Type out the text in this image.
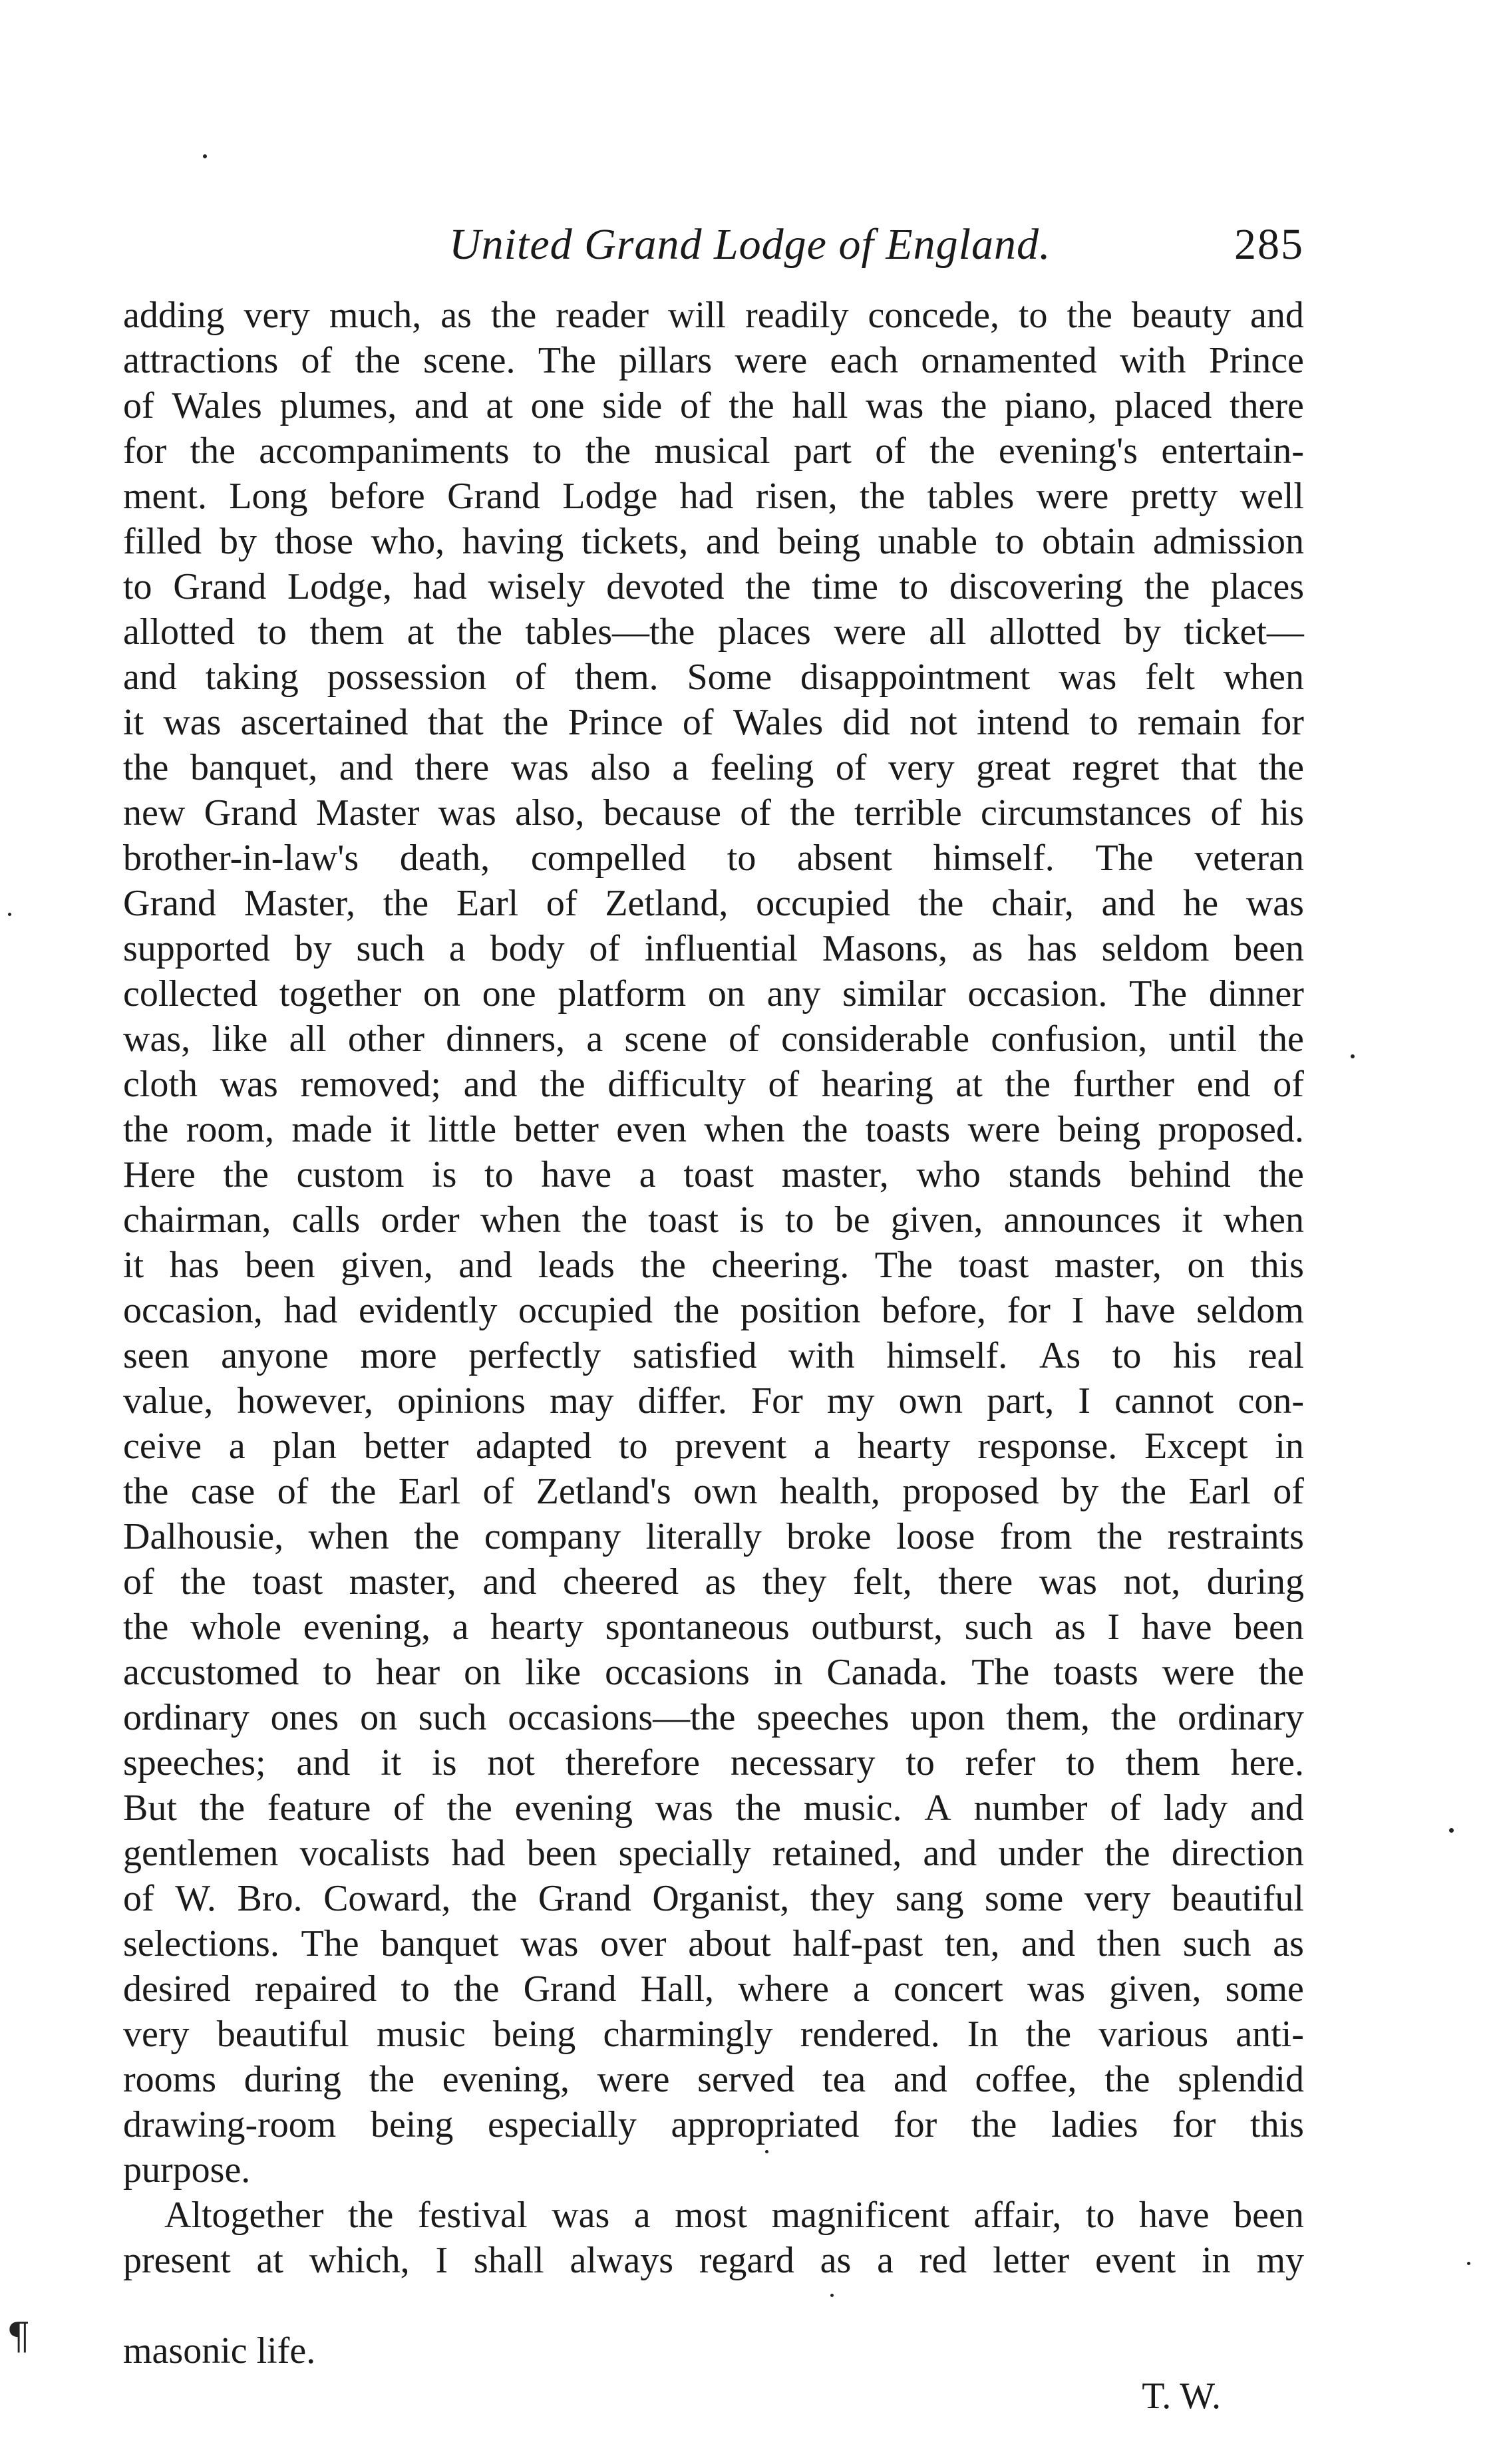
United Grand Lodge of England.	285
adding very much, as the reader will readily concede, to the beauty and
attractions of the scene. The pillars were each ornamented with Prince
of Wales plumes, and at one side of the hall was the piano, placed there
for the accompaniments to the musical part of the evening's entertain-
ment. Long before Grand Lodge had risen, the tables were pretty well
filled by those who, having tickets, and being unable to obtain admission
to Grand Lodge, had wisely devoted the time to discovering the places
allotted to them at the tables—the places were all allotted by ticket—
and taking possession of them. Some disappointment was felt when
it was ascertained that the Prince of Wales did not intend to remain for
the banquet, and there was also a feeling of very great regret that the
new Grand Master was also, because of the terrible circumstances of his
brother-in-law's death, compelled to absent himself. The veteran
Grand Master, the Earl of Zetland, occupied the chair, and he was
supported by such a body of influential Masons, as has seldom been
collected together on one platform on any similar occasion. The dinner
was, like all other dinners, a scene of considerable confusion, until the
cloth was removed; and the difficulty of hearing at the further end of
the room, made it little better even when the toasts were being proposed.
Here the custom is to have a toast master, who stands behind the
chairman, calls order when the toast is to be given, announces it when
it has been given, and leads the cheering. The toast master, on this
occasion, had evidently occupied the position before, for I have seldom
seen anyone more perfectly satisfied with himself. As to his real
value, however, opinions may differ. For my own part, I cannot con-
ceive a plan better adapted to prevent a hearty response. Except in
the case of the Earl of Zetland's own health, proposed by the Earl of
Dalhousie, when the company literally broke loose from the restraints
of the toast master, and cheered as they felt, there was not, during
the whole evening, a hearty spontaneous outburst, such as I have been
accustomed to hear on like occasions in Canada. The toasts were the
ordinary ones on such occasions—the speeches upon them, the ordinary
speeches; and it is not therefore necessary to refer to them here.
But the feature of the evening was the music. A number of lady and
gentlemen vocalists had been specially retained, and under the direction
of W. Bro. Coward, the Grand Organist, they sang some very beautiful
selections. The banquet was over about half-past ten, and then such as
desired repaired to the Grand Hall, where a concert was given, some
very beautiful music being charmingly rendered. In the various anti-
rooms during the evening, were served tea and coffee, the splendid
drawing-room being especially appropriated for the ladies for this
purpose.
Altogether the festival was a most magnificent affair, to have been
present at which, I shall always regard as a red letter event in my

masonic life.

T. W.

¶
